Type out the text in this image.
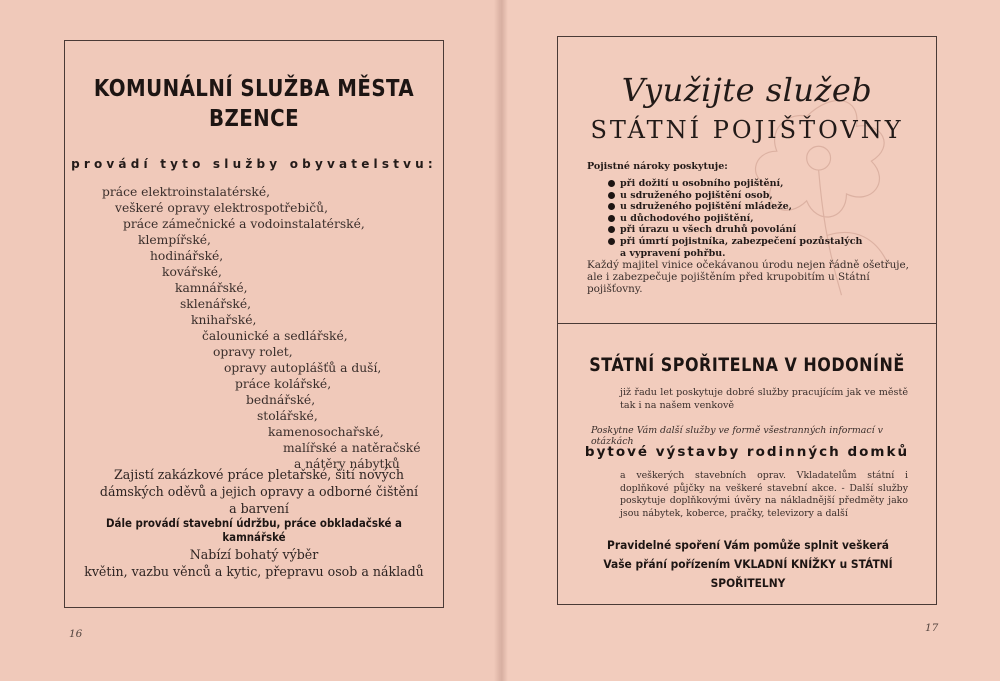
KOMUNÁLNÍ SLUŽBA MĚSTA
BZENCE
provádí tyto služby obyvatelstvu:
práce elektroinstalatérské,
veškeré opravy elektrospotřebičů,
práce zámečnické a vodoinstalatérské,
klempířské,
hodinářské,
kovářské,
kamnářské,
sklenářské,
knihařské,
čalounické a sedlářské,
opravy rolet,
opravy autoplášťů a duší,
práce kolářské,
bednářské,
stolářské,
kamenosochařské,
malířské a natěračské
a nátěry nábytků
Zajistí zakázkové práce pletařské, šití nových dámských oděvů a jejich opravy a odborné čištění a barvení
Dále provádí stavební údržbu, práce obkladačské a kamnářské
Nabízí bohatý výběr
květin, vazbu věnců a kytic, přepravu osob a nákladů
16
Využijte služeb
STÁTNÍ POJIŠŤOVNY
Pojistné nároky poskytuje:
při dožití u osobního pojištění,
u sdruženého pojištění osob,
u sdruženého pojištění mládeže,
u důchodového pojištění,
při úrazu u všech druhů povolání
při úmrtí pojistníka, zabezpečení pozůstalých
a vypravení pohřbu.
Každý majitel vinice očekávanou úrodu nejen řádně ošetřuje, ale i zabezpečuje pojištěním před krupobitím u Státní pojišťovny.
STÁTNÍ SPOŘITELNA V HODONÍNĚ
již řadu let poskytuje dobré služby pracujícím jak ve městě tak i na našem venkově
Poskytne Vám další služby ve formě všestranných informací v otázkách
bytové výstavby rodinných domků
a veškerých stavebních oprav. Vkladatelům státní i doplňkové půjčky na veškeré stavební akce. - Další služby poskytuje doplňkovými úvěry na nákladnější předměty jako jsou nábytek, koberce, pračky, televizory a další
Pravidelné spoření Vám pomůže splnit veškerá Vaše přání pořízením VKLADNÍ KNÍŽKY u STÁTNÍ SPOŘITELNY
17
